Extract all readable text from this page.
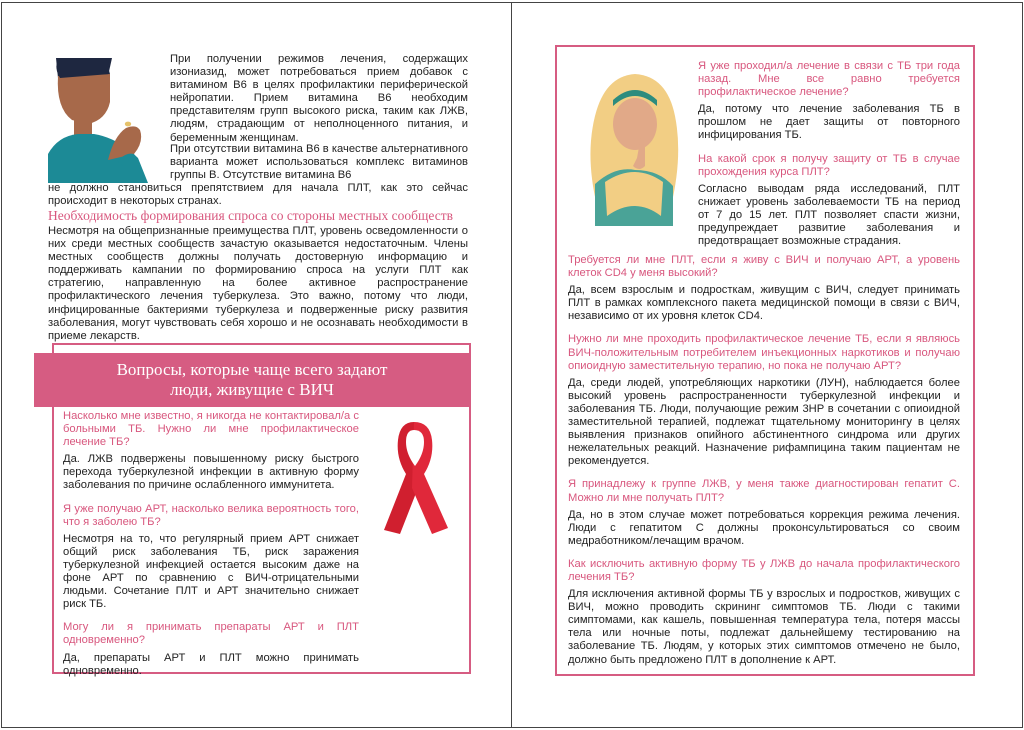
При получении режимов лечения, содержащих изониазид, может потребоваться прием добавок с витамином B6 в целях профилактики периферической нейропатии. Прием витамина B6 необходим представителям групп высокого риска, таким как ЛЖВ, людям, страдающим от неполноценного питания, и беременным женщинам.
При отсутствии витамина B6 в качестве альтернативного варианта может использоваться комплекс витаминов группы B. Отсутствие витамина B6
не должно становиться препятствием для начала ПЛТ, как это сейчас происходит в некоторых странах.
Необходимость формирования спроса со стороны местных сообществ
Несмотря на общепризнанные преимущества ПЛТ, уровень осведомленности о них среди местных сообществ зачастую оказывается недостаточным. Члены местных сообществ должны получать достоверную информацию и поддерживать кампании по формированию спроса на услуги ПЛТ как стратегию, направленную на более активное распространение профилактического лечения туберкулеза. Это важно, потому что люди, инфицированные бактериями туберкулеза и подверженные риску развития заболевания, могут чувствовать себя хорошо и не осознавать необходимости в приеме лекарств.
Вопросы, которые чаще всего задают
люди, живущие с ВИЧ
Насколько мне известно, я никогда не контактировал/а с больными ТБ. Нужно ли мне профилактическое лечение ТБ?
Да. ЛЖВ подвержены повышенному риску быстрого перехода туберкулезной инфекции в активную форму заболевания по причине ослабленного иммунитета.
Я уже получаю АРТ, насколько велика вероятность того, что я заболею ТБ?
Несмотря на то, что регулярный прием АРТ снижает общий риск заболевания ТБ, риск заражения туберкулезной инфекцией остается высоким даже на фоне АРТ по сравнению с ВИЧ-отрицательными людьми. Сочетание ПЛТ и АРТ значительно снижает риск ТБ.
Могу ли я принимать препараты АРТ и ПЛТ одновременно?
Да, препараты АРТ и ПЛТ можно принимать одновременно.
Я уже проходил/а лечение в связи с ТБ три года назад. Мне все равно требуется профилактическое лечение?
Да, потому что лечение заболевания ТБ в прошлом не дает защиты от повторного инфицирования ТБ.
На какой срок я получу защиту от ТБ в случае прохождения курса ПЛТ?
Согласно выводам ряда исследований, ПЛТ снижает уровень заболеваемости ТБ на период от 7 до 15 лет. ПЛТ позволяет спасти жизни, предупреждает развитие заболевания и предотвращает возможные страдания.
Требуется ли мне ПЛТ, если я живу с ВИЧ и получаю АРТ, а уровень клеток CD4 у меня высокий?
Да, всем взрослым и подросткам, живущим с ВИЧ, следует принимать ПЛТ в рамках комплексного пакета медицинской помощи в связи с ВИЧ, независимо от их уровня клеток CD4.
Нужно ли мне проходить профилактическое лечение ТБ, если я являюсь ВИЧ-положительным потребителем инъекционных наркотиков и получаю опиоидную заместительную терапию, но пока не получаю АРТ?
Да, среди людей, употребляющих наркотики (ЛУН), наблюдается более высокий уровень распространенности туберкулезной инфекции и заболевания ТБ. Люди, получающие режим 3HP в сочетании с опиоидной заместительной терапией, подлежат тщательному мониторингу в целях выявления признаков опийного абстинентного синдрома или других нежелательных реакций. Назначение рифампицина таким пациентам не рекомендуется.
Я принадлежу к группе ЛЖВ, у меня также диагностирован гепатит C. Можно ли мне получать ПЛТ?
Да, но в этом случае может потребоваться коррекция режима лечения. Люди с гепатитом C должны проконсультироваться со своим медработником/лечащим врачом.
Как исключить активную форму ТБ у ЛЖВ до начала профилактического лечения ТБ?
Для исключения активной формы ТБ у взрослых и подростков, живущих с ВИЧ, можно проводить скрининг симптомов ТБ. Люди с такими симптомами, как кашель, повышенная температура тела, потеря массы тела или ночные поты, подлежат дальнейшему тестированию на заболевание ТБ. Людям, у которых этих симптомов отмечено не было, должно быть предложено ПЛТ в дополнение к АРТ.
